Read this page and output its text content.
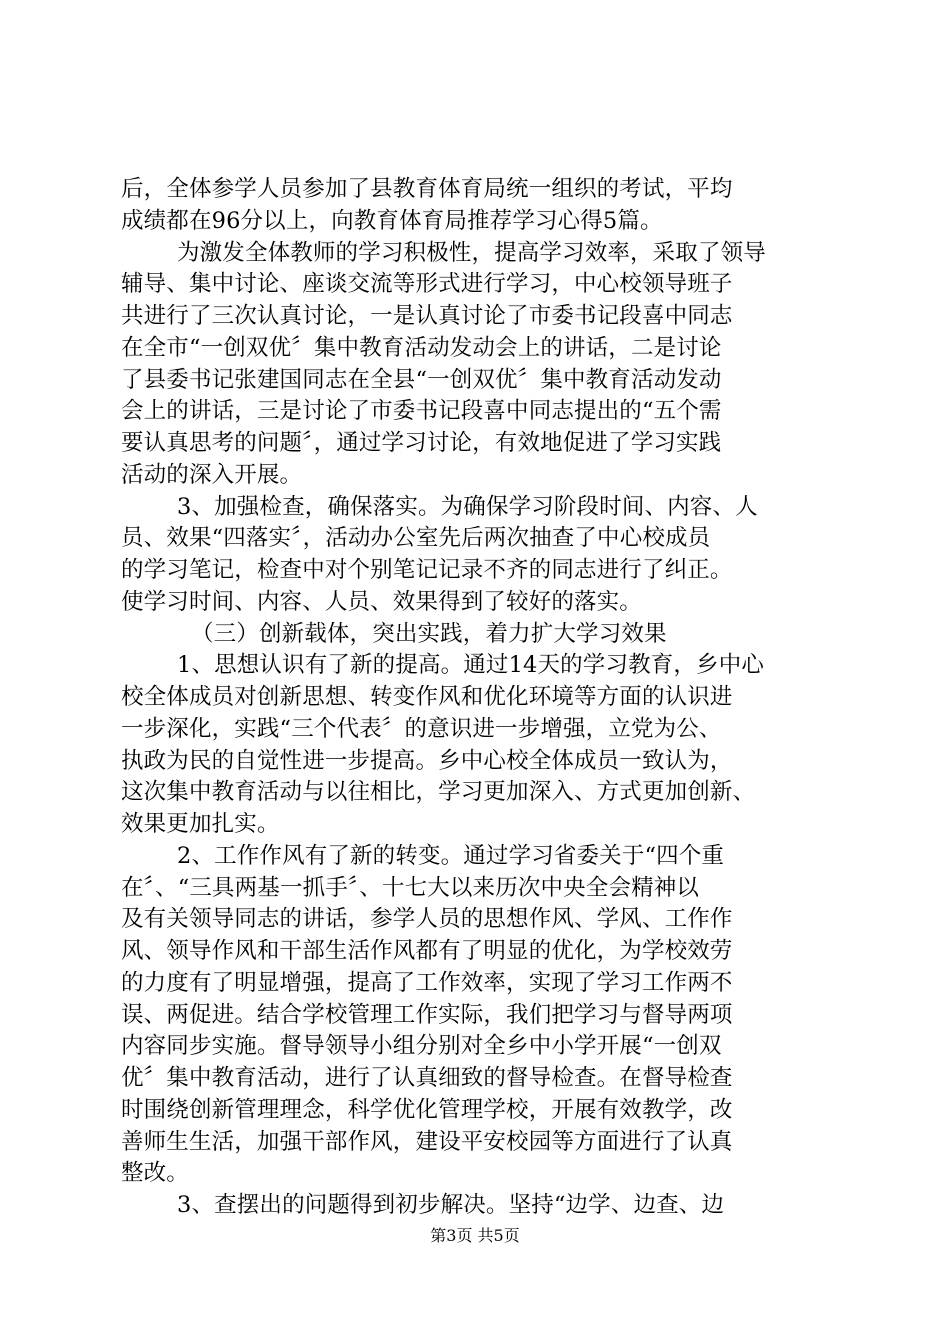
后，全体参学人员参加了县教育体育局统一组织的考试，平均
成绩都在96分以上，向教育体育局推荐学习心得5篇。
为激发全体教师的学习积极性，提高学习效率，采取了领导
辅导、集中讨论、座谈交流等形式进行学习，中心校领导班子
共进行了三次认真讨论，一是认真讨论了市委书记段喜中同志
在全市“一创双优〞集中教育活动发动会上的讲话，二是讨论
了县委书记张建国同志在全县“一创双优〞集中教育活动发动
会上的讲话，三是讨论了市委书记段喜中同志提出的“五个需
要认真思考的问题〞，通过学习讨论，有效地促进了学习实践
活动的深入开展。
3、加强检查，确保落实。为确保学习阶段时间、内容、人
员、效果“四落实〞，活动办公室先后两次抽查了中心校成员
的学习笔记，检查中对个别笔记记录不齐的同志进行了纠正。
使学习时间、内容、人员、效果得到了较好的落实。
（三）创新载体，突出实践，着力扩大学习效果
1、思想认识有了新的提高。通过14天的学习教育，乡中心
校全体成员对创新思想、转变作风和优化环境等方面的认识进
一步深化，实践“三个代表〞的意识进一步增强，立党为公、
执政为民的自觉性进一步提高。乡中心校全体成员一致认为，
这次集中教育活动与以往相比，学习更加深入、方式更加创新、
效果更加扎实。
2、工作作风有了新的转变。通过学习省委关于“四个重
在〞、“三具两基一抓手〞、十七大以来历次中央全会精神以
及有关领导同志的讲话，参学人员的思想作风、学风、工作作
风、领导作风和干部生活作风都有了明显的优化，为学校效劳
的力度有了明显增强，提高了工作效率，实现了学习工作两不
误、两促进。结合学校管理工作实际，我们把学习与督导两项
内容同步实施。督导领导小组分别对全乡中小学开展“一创双
优〞集中教育活动，进行了认真细致的督导检查。在督导检查
时围绕创新管理理念，科学优化管理学校，开展有效教学，改
善师生生活，加强干部作风，建设平安校园等方面进行了认真
整改。
3、查摆出的问题得到初步解决。坚持“边学、边查、边
第3页 共5页
